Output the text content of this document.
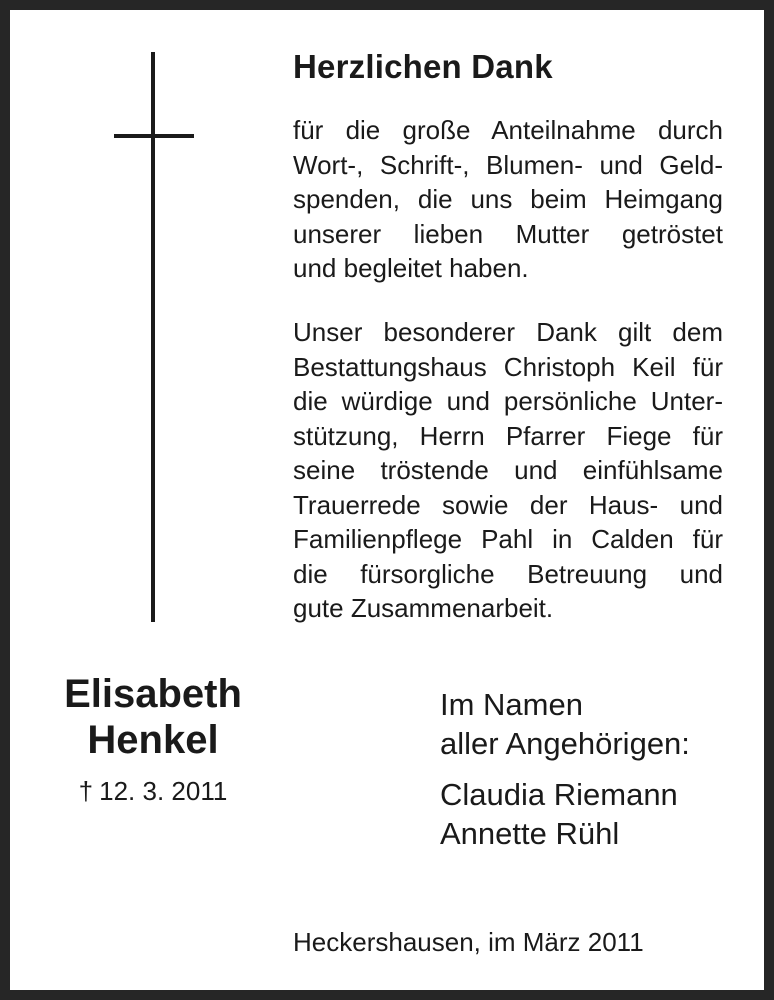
Herzlichen Dank

für die große Anteilnahme durch
Wort-, Schrift-, Blumen- und Geld-
spenden, die uns beim Heimgang
unserer lieben Mutter getröstet
und begleitet haben.

Unser besonderer Dank gilt dem
Bestattungshaus Christoph Keil für
die würdige und persönliche Unter-
stützung, Herrn Pfarrer Fiege für
seine tröstende und einfühlsame
Trauerrede sowie der Haus- und
Familienpflege Pahl in Calden für
die fürsorgliche Betreuung und
gute Zusammenarbeit.

Elisabeth
Henkel
† 12. 3. 2011
Im Namen
aller Angehörigen:
Claudia Riemann
Annette Rühl
Heckershausen, im März 2011
